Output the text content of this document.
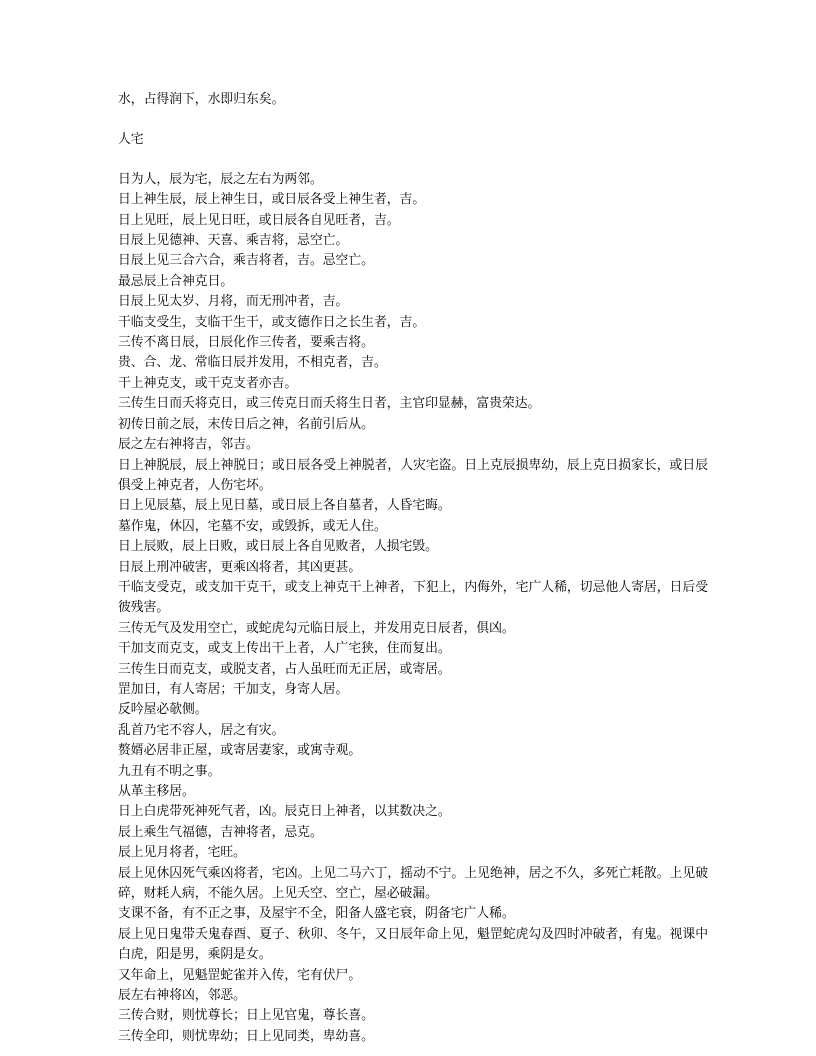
水，占得润下，水即归东矣。

人宅

日为人，辰为宅，辰之左右为两邻。

日上神生辰，辰上神生日，或日辰各受上神生者，吉。

日上见旺，辰上见日旺，或日辰各自见旺者，吉。

日辰上见德神、天喜、乘吉将，忌空亡。

日辰上见三合六合，乘吉将者，吉。忌空亡。

最忌辰上合神克日。

日辰上见太岁、月将，而无刑冲者，吉。

干临支受生，支临干生干，或支德作日之长生者，吉。

三传不离日辰，日辰化作三传者，要乘吉将。

贵、合、龙、常临日辰并发用，不相克者，吉。

干上神克支，或干克支者亦吉。

三传生日而夭将克日，或三传克日而夭将生日者，主官印显赫，富贵荣达。

初传日前之辰，末传日后之神，名前引后从。

辰之左右神将吉，邻吉。

日上神脱辰，辰上神脱日；或日辰各受上神脱者，人灾宅盗。日上克辰损卑幼，辰上克日损家长，或日辰俱受上神克者，人伤宅坏。

日上见辰墓，辰上见日墓，或日辰上各自墓者，人昏宅晦。

墓作鬼，休囚，宅墓不安，或毁拆，或无人住。

日上辰败，辰上日败，或日辰上各自见败者，人损宅毁。

日辰上刑冲破害，更乘凶将者，其凶更甚。

干临支受克，或支加干克干，或支上神克干上神者，下犯上，内侮外，宅广人稀，切忌他人寄居，日后受彼残害。

三传无气及发用空亡，或蛇虎勾元临日辰上，并发用克日辰者，俱凶。

干加支而克支，或支上传出干上者，人广宅狭，住而复出。

三传生日而克支，或脱支者，占人虽旺而无正居，或寄居。

罡加日，有人寄居；干加支，身寄人居。

反吟屋必欹侧。

乱首乃宅不容人，居之有灾。

赘婿必居非正屋，或寄居妻家，或寓寺观。

九丑有不明之事。

从革主移居。

日上白虎带死神死气者，凶。辰克日上神者，以其数决之。

辰上乘生气福德，吉神将者，忌克。

辰上见月将者，宅旺。

辰上见休囚死气乘凶将者，宅凶。上见二马六丁，摇动不宁。上见绝神，居之不久，多死亡耗散。上见破碎，财耗人病，不能久居。上见夭空、空亡，屋必破漏。

支课不备，有不正之事，及屋宇不全，阳备人盛宅衰，阴备宅广人稀。

辰上见日鬼带夭鬼春酉、夏子、秋卯、冬午，又日辰年命上见，魁罡蛇虎勾及四时冲破者，有鬼。视课中白虎，阳是男，乘阴是女。

又年命上，见魁罡蛇雀并入传，宅有伏尸。

辰左右神将凶，邻恶。

三传合财，则忧尊长；日上见官鬼，尊长喜。

三传全印，则忧卑幼；日上见同类，卑幼喜。
